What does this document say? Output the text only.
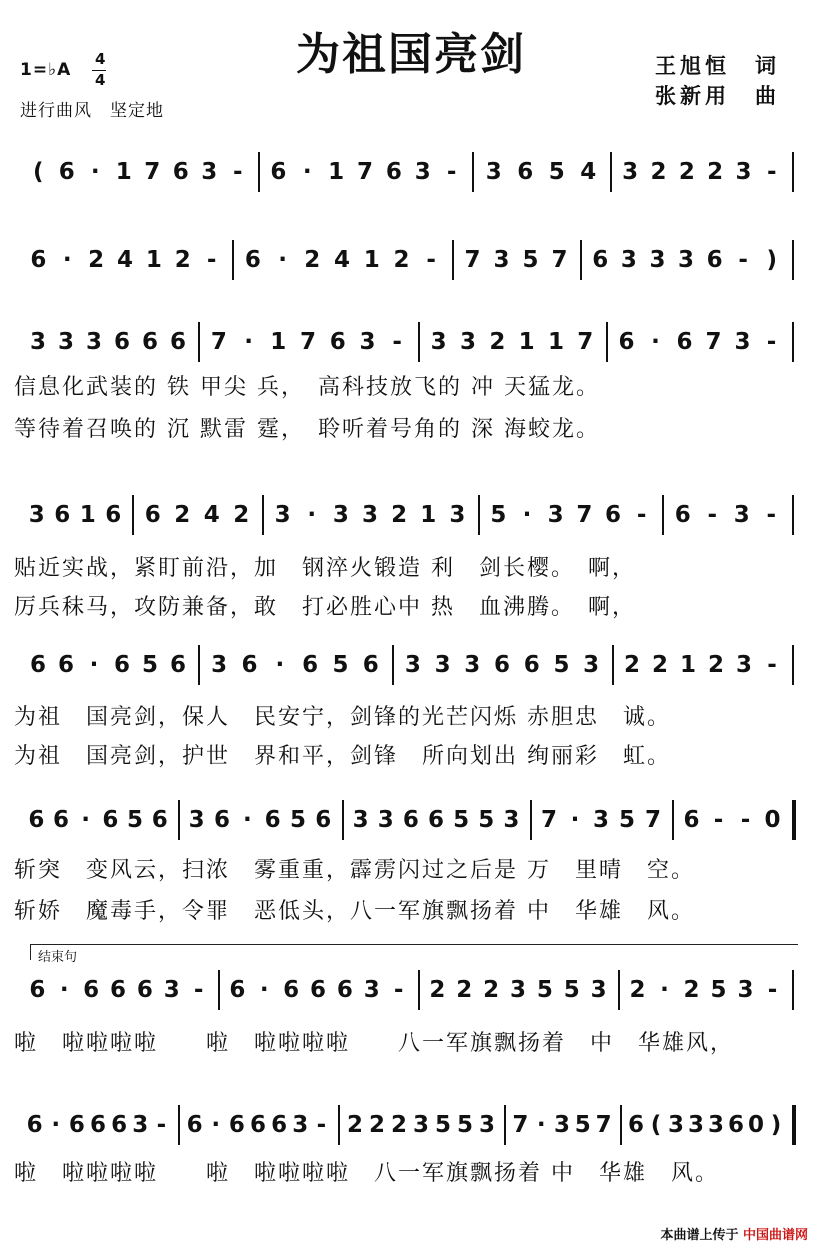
为祖国亮剑
1=♭A
4
4
进行曲风　坚定地
王旭恒　词
张新用　曲
( 6 · 1 7 6 3 -	6 · 1 7 6 3 -	3 6 5 4	3 2 2 2 3 -
6 · 2 4 1 2 -	6 · 2 4 1 2 -	7 3 5 7 6 3 3 3 6 - )
3 3 3 6 6 6 7 · 1 7 6 3 -	3 3 2 1 1 7 6 · 6 7 3 -
3 6 1 6 6 2 4 2 3 · 3 3 2 1 3 5 · 3 7 6 -	6 - 3 -
6 6 · 6 5 6	3 6 · 6 5 6	3 3 3 6 6 5 3 2 2 1 2 3 -
6 6 · 6 5 6 3 6 · 6 5 6 3 3 6 6 5 5 3 7 · 3 5 7 6 - - 0
6 · 6 6 6 3 -	6 · 6 6 6 3 -	2 2 2 3 5 5 3 2 · 2 5 3 -
6 · 6 6 6 3 - 6 · 6 6 6 3 - 2 2 2 3 5 5 3 7 · 3 5 7 6 ( 3 3 3 6 0 )
信息化武装的 铁 甲尖 兵，　高科技放飞的 冲 天猛龙。
等待着召唤的 沉 默雷 霆，　聆听着号角的 深 海蛟龙。
贴近实战，紧盯前沿，加　钢淬火锻造 利　剑长樱。　啊，
厉兵秣马，攻防兼备，敢　打必胜心中 热　血沸腾。　啊，
为祖　国亮剑，保人　民安宁，剑锋的光芒闪烁 赤胆忠　诚。
为祖　国亮剑，护世　界和平，剑锋　所向划出 绚丽彩　虹。
斩突　变风云，扫浓　雾重重，霹雳闪过之后是 万　里晴　空。
斩娇　魔毒手，令罪　恶低头，八一军旗飘扬着 中　华雄　风。
结束句
啦　啦啦啦啦　　啦　啦啦啦啦　　八一军旗飘扬着　中　华雄风，
啦　啦啦啦啦　　啦　啦啦啦啦　八一军旗飘扬着 中　华雄　风。
本曲谱上传于 中国曲谱网
